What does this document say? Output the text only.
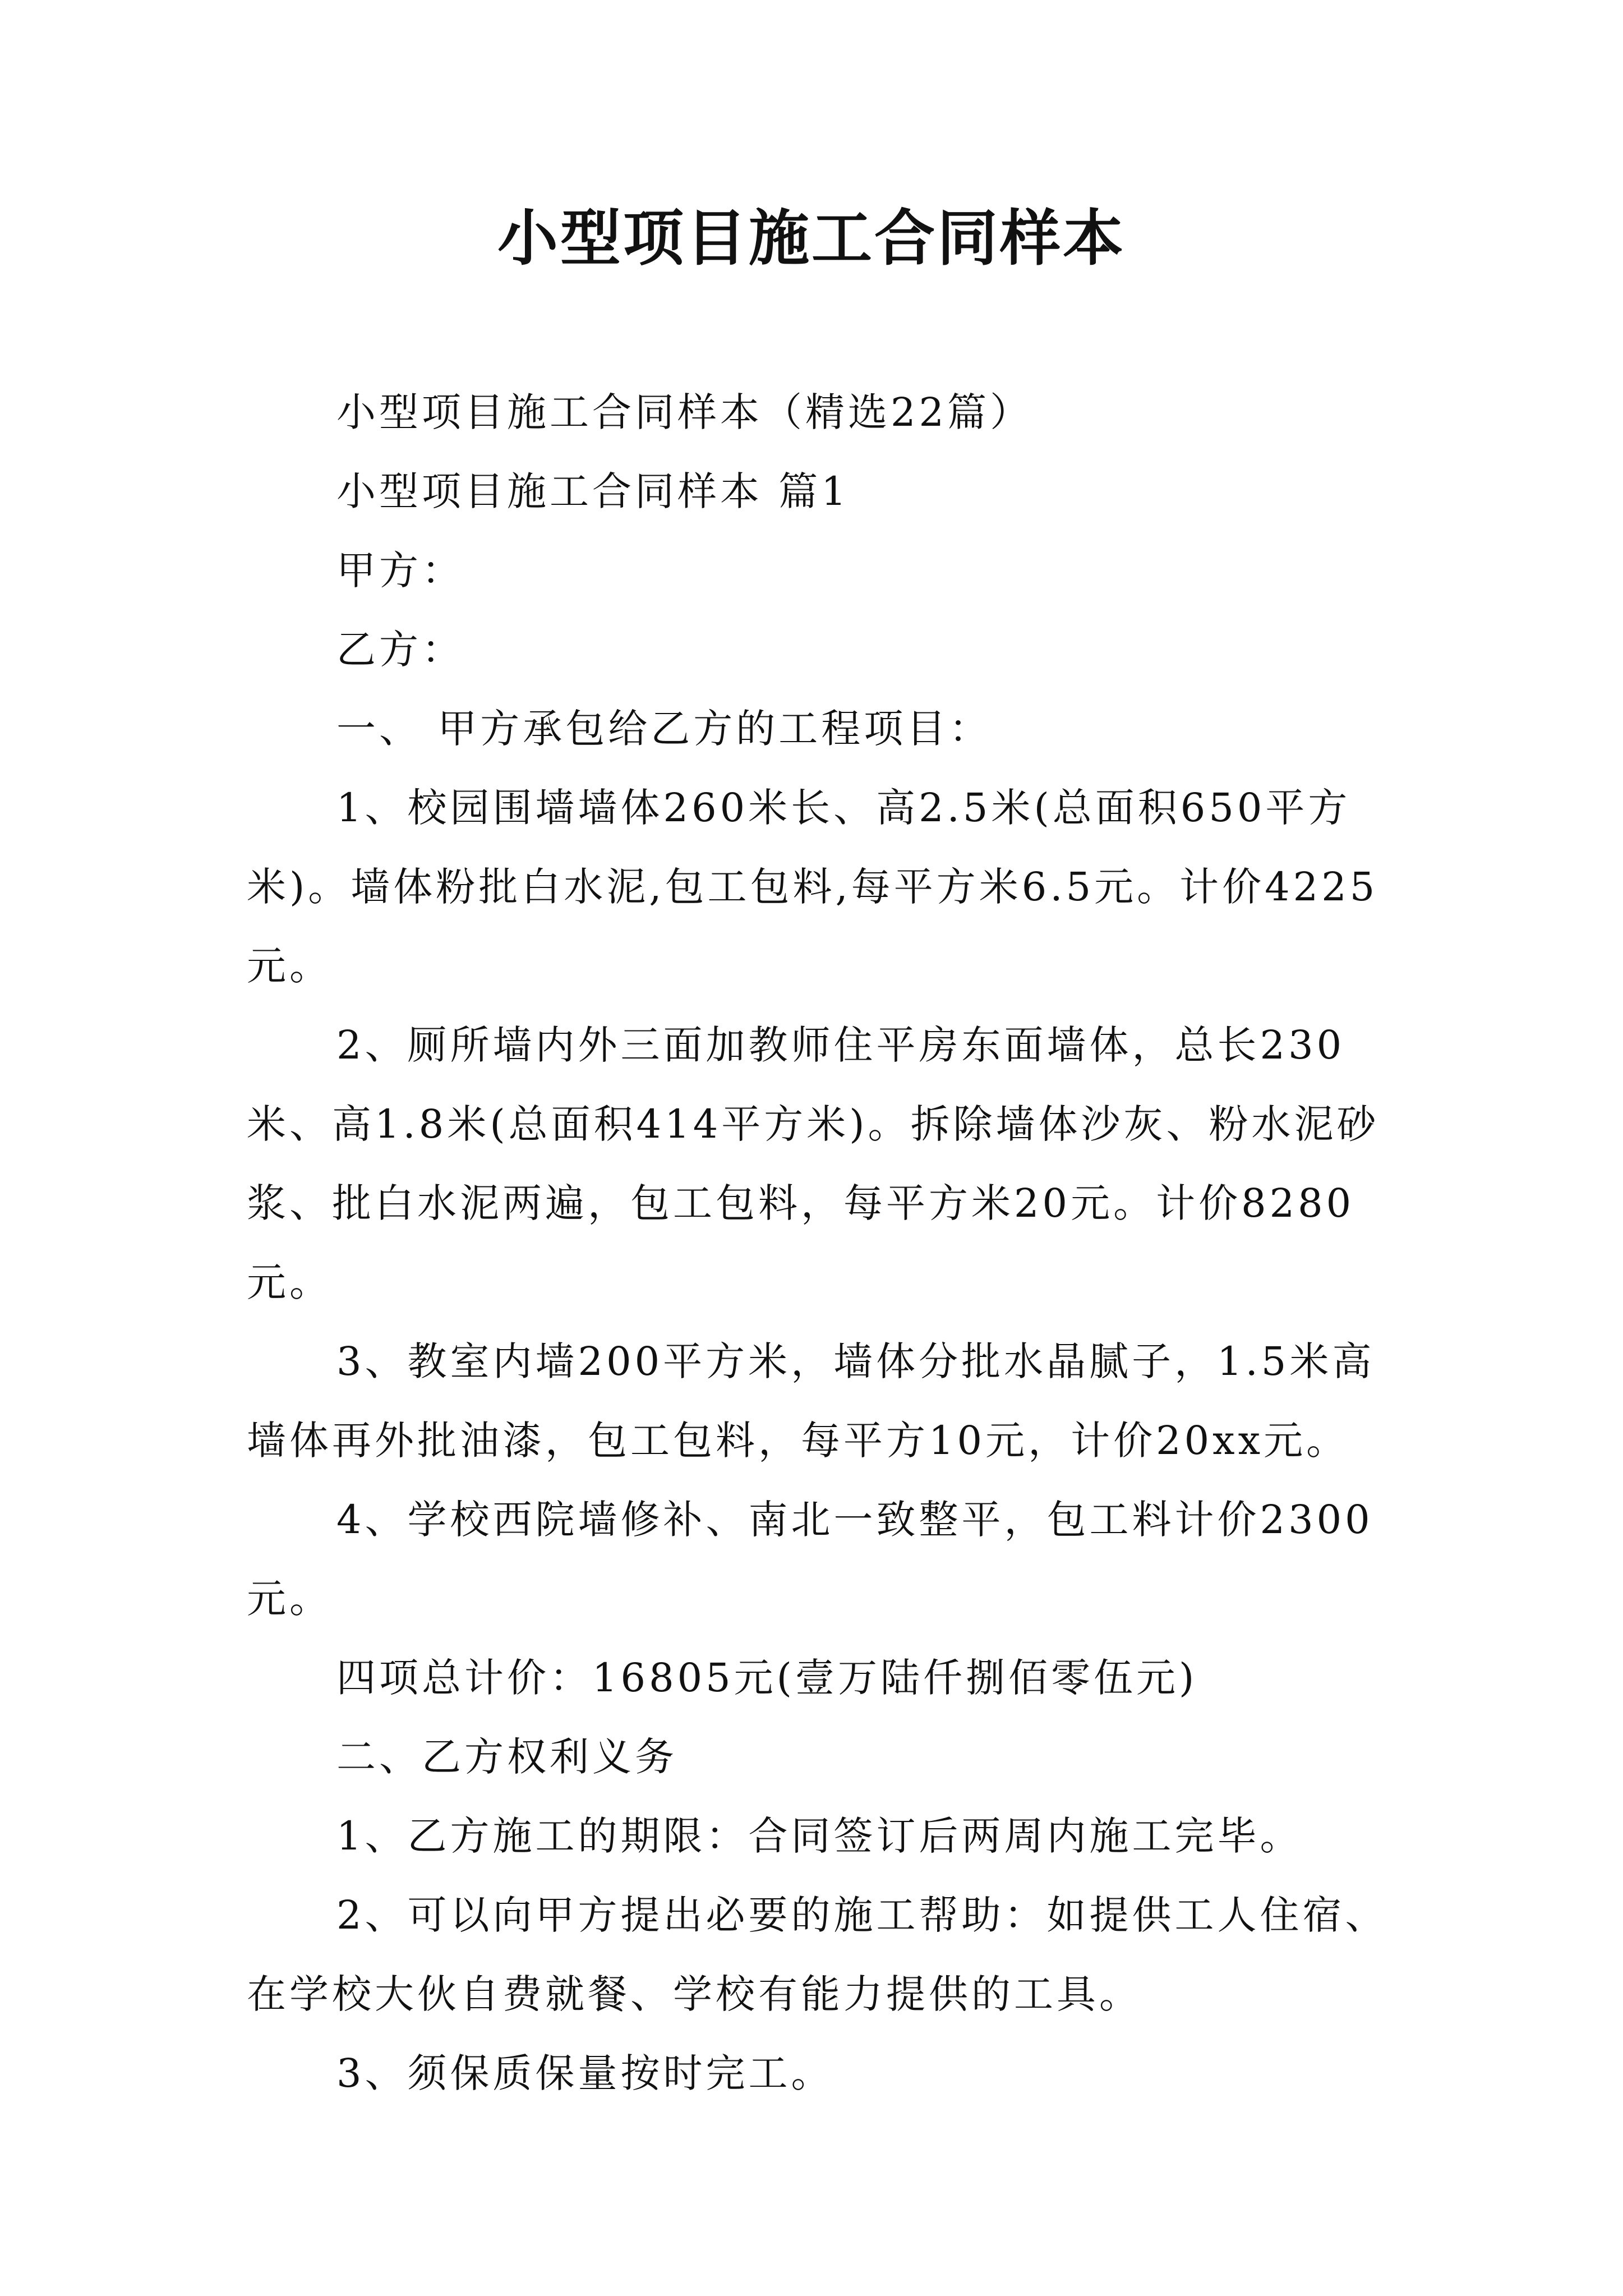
小型项目施工合同样本

小型项目施工合同样本（精选22篇）

小型项目施工合同样本 篇1

甲方：

乙方：

一、 甲方承包给乙方的工程项目：

1、校园围墙墙体260米长、高2.5米(总面积650平方米)。墙体粉批白水泥,包工包料,每平方米6.5元。计价4225元。

2、厕所墙内外三面加教师住平房东面墙体，总长230米、高1.8米(总面积414平方米)。拆除墙体沙灰、粉水泥砂浆、批白水泥两遍，包工包料，每平方米20元。计价8280元。

3、教室内墙200平方米，墙体分批水晶腻子，1.5米高墙体再外批油漆，包工包料，每平方10元，计价20xx元。

4、学校西院墙修补、南北一致整平，包工料计价2300元。

四项总计价：16805元(壹万陆仟捌佰零伍元)

二、乙方权利义务

1、乙方施工的期限：合同签订后两周内施工完毕。

2、可以向甲方提出必要的施工帮助：如提供工人住宿、在学校大伙自费就餐、学校有能力提供的工具。

3、须保质保量按时完工。
